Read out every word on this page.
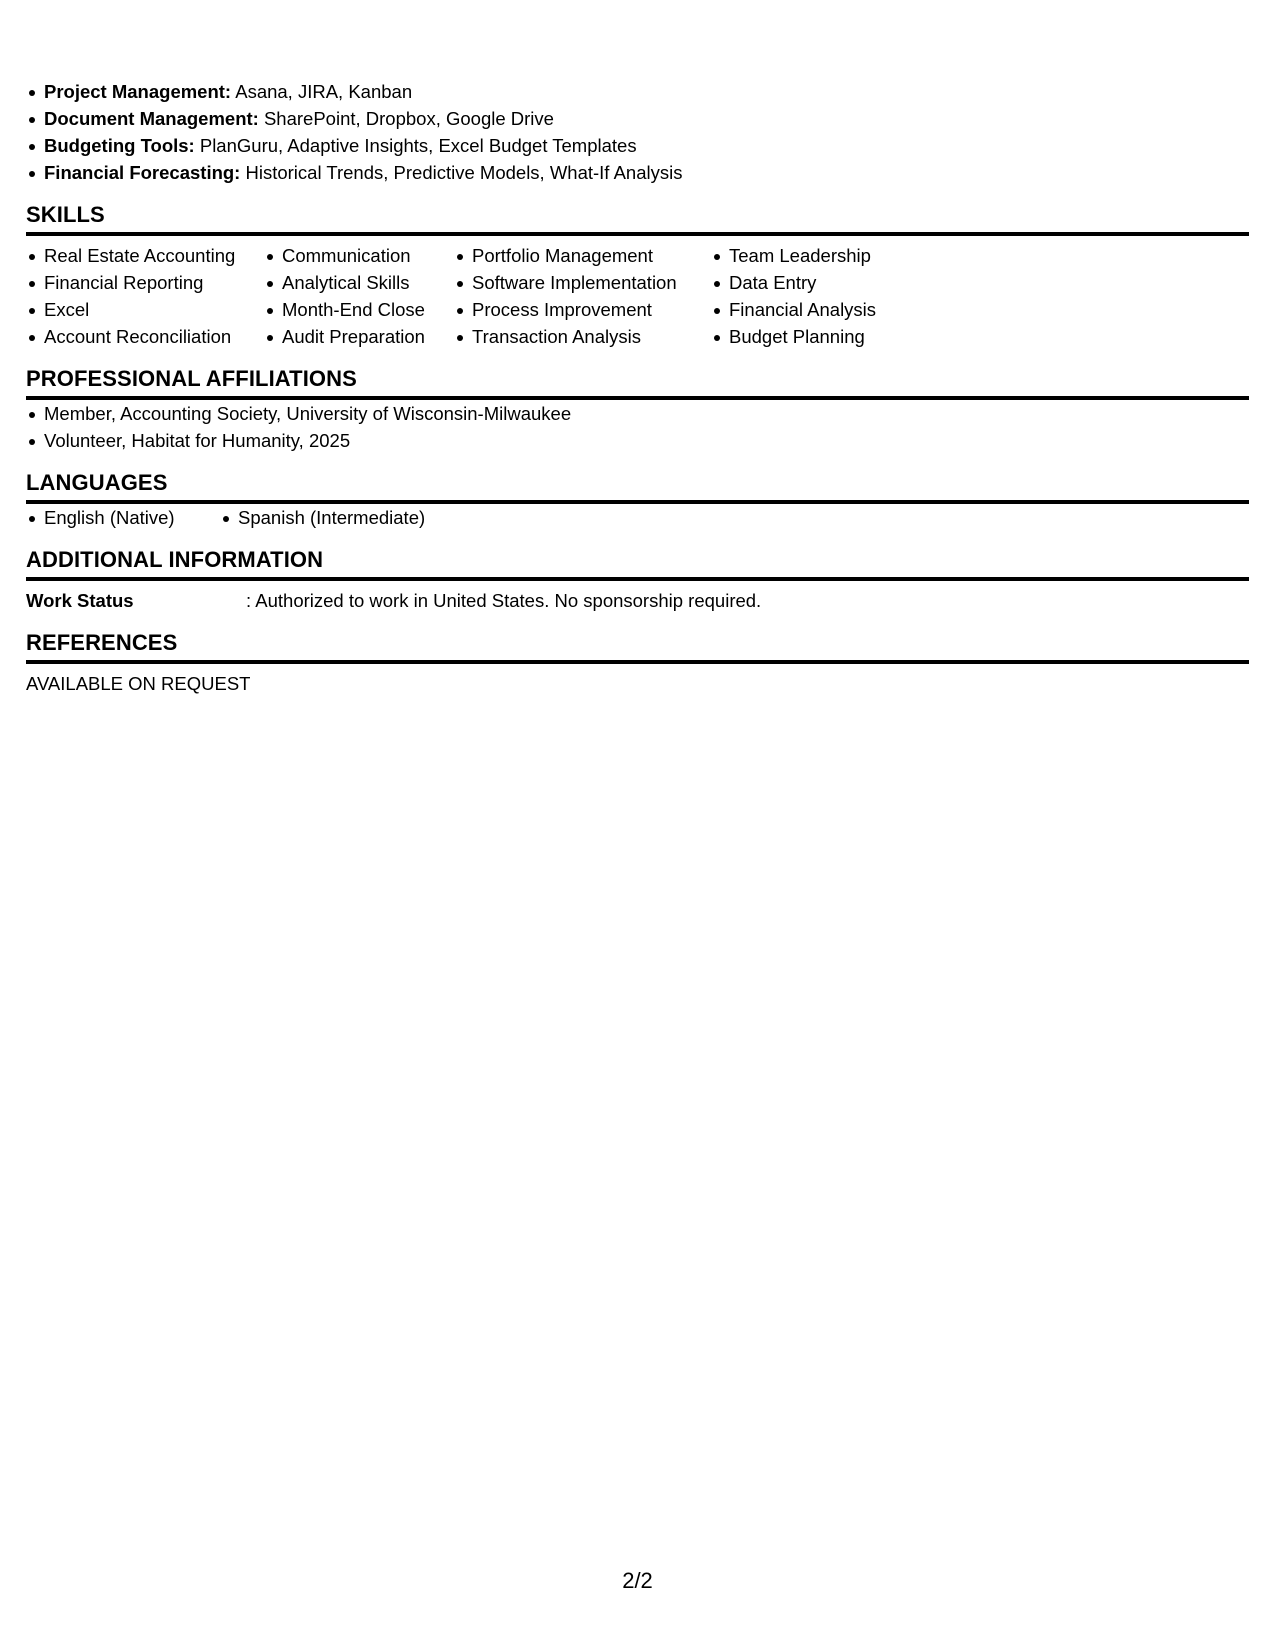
Project Management: Asana, JIRA, Kanban
Document Management: SharePoint, Dropbox, Google Drive
Budgeting Tools: PlanGuru, Adaptive Insights, Excel Budget Templates
Financial Forecasting: Historical Trends, Predictive Models, What-If Analysis
SKILLS
Real Estate Accounting
Financial Reporting
Excel
Account Reconciliation
Communication
Analytical Skills
Month-End Close
Audit Preparation
Portfolio Management
Software Implementation
Process Improvement
Transaction Analysis
Team Leadership
Data Entry
Financial Analysis
Budget Planning
PROFESSIONAL AFFILIATIONS
Member, Accounting Society, University of Wisconsin-Milwaukee
Volunteer, Habitat for Humanity, 2025
LANGUAGES
English (Native)	Spanish (Intermediate)
ADDITIONAL INFORMATION
Work Status	: Authorized to work in United States. No sponsorship required.
REFERENCES
AVAILABLE ON REQUEST
2/2
